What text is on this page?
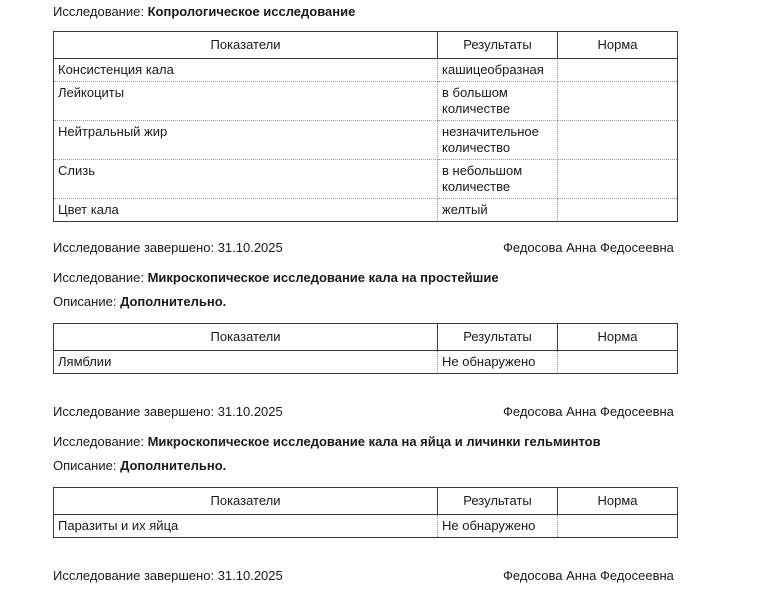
Исследование: Копрологическое исследование
Показатели	Результаты	Норма
Консистенция кала	кашицеобразная	
Лейкоциты	в большом количестве	
Нейтральный жир	незначительное количество	
Слизь	в небольшом количестве	
Цвет кала	желтый	
Исследование завершено: 31.10.2025	Федосова Анна Федосеевна
Исследование: Микроскопическое исследование кала на простейшие
Описание: Дополнительно.
Показатели	Результаты	Норма
Лямблии	Не обнаружено	
Исследование завершено: 31.10.2025	Федосова Анна Федосеевна
Исследование: Микроскопическое исследование кала на яйца и личинки гельминтов
Описание: Дополнительно.
Показатели	Результаты	Норма
Паразиты и их яйца	Не обнаружено	
Исследование завершено: 31.10.2025	Федосова Анна Федосеевна
